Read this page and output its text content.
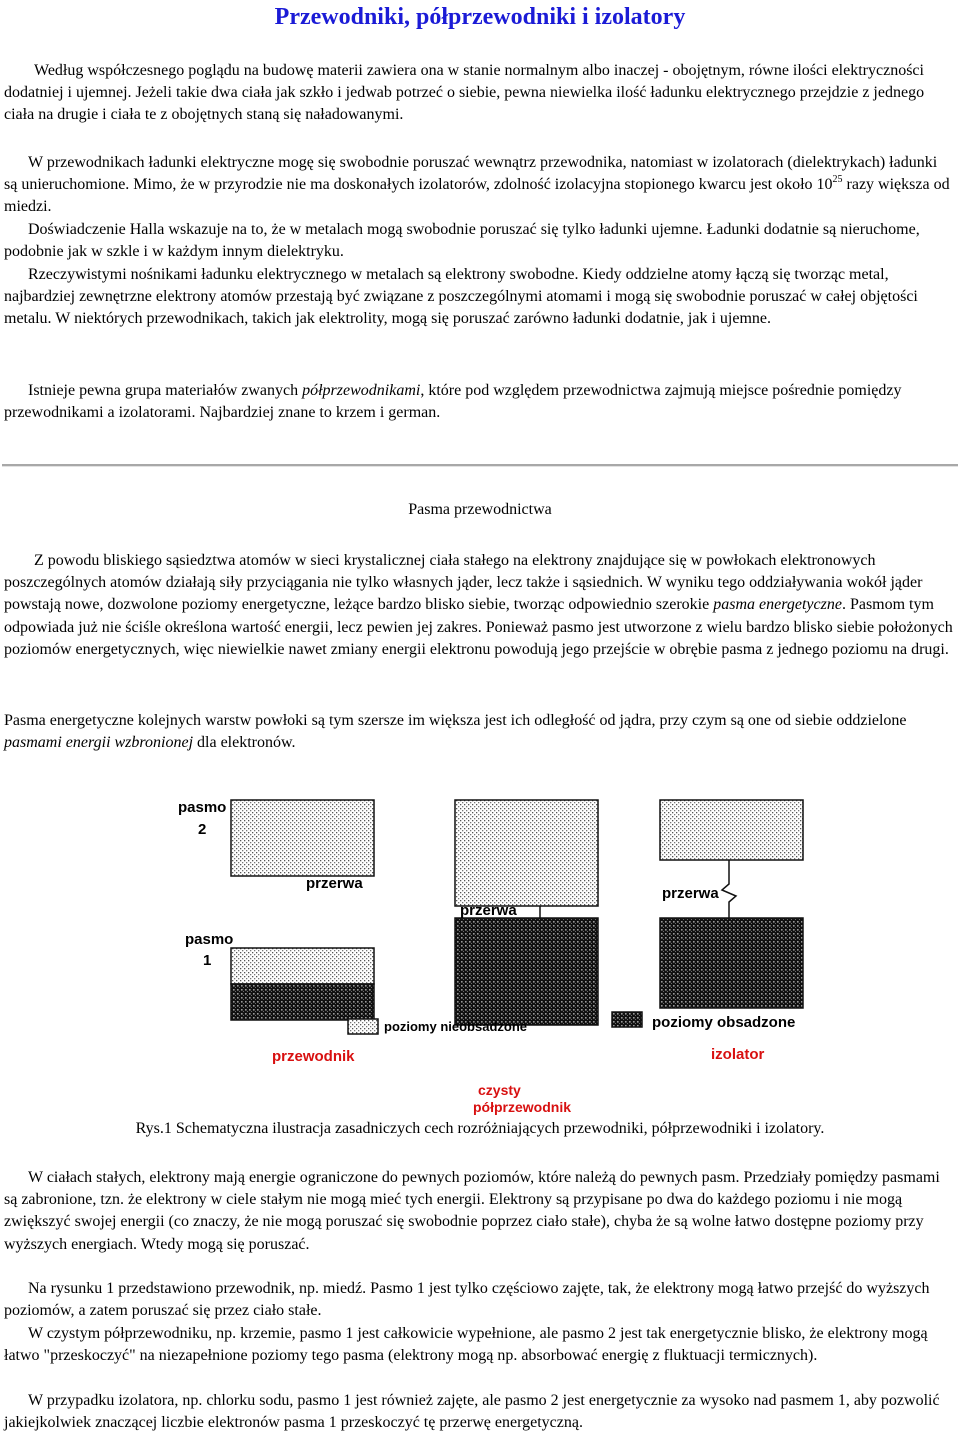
Przewodniki, półprzewodniki i izolatory

Według współczesnego poglądu na budowę materii zawiera ona w stanie normalnym albo inaczej - obojętnym, równe ilości elektryczności dodatniej i ujemnej. Jeżeli takie dwa ciała jak szkło i jedwab potrzeć o siebie, pewna niewielka ilość ładunku elektrycznego przejdzie z jednego ciała na drugie i ciała te z obojętnych staną się naładowanymi.

W przewodnikach ładunki elektryczne mogę się swobodnie poruszać wewnątrz przewodnika, natomiast w izolatorach (dielektrykach) ładunki są unieruchomione. Mimo, że w przyrodzie nie ma doskonałych izolatorów, zdolność izolacyjna stopionego kwarcu jest około $10^{25}$ razy większa od miedzi.

Doświadczenie Halla wskazuje na to, że w metalach mogą swobodnie poruszać się tylko ładunki ujemne. Ładunki dodatnie są nieruchome, podobnie jak w szkle i w każdym innym dielektryku.

Rzeczywistymi nośnikami ładunku elektrycznego w metalach są elektrony swobodne. Kiedy oddzielne atomy łączą się tworząc metal, najbardziej zewnętrzne elektrony atomów przestają być związane z poszczególnymi atomami i mogą się swobodnie poruszać w całej objętości metalu. W niektórych przewodnikach, takich jak elektrolity, mogą się poruszać zarówno ładunki dodatnie, jak i ujemne.

Istnieje pewna grupa materiałów zwanych półprzewodnikami, które pod względem przewodnictwa zajmują miejsce pośrednie pomiędzy przewodnikami a izolatorami. Najbardziej znane to krzem i german.

Pasma przewodnictwa

Z powodu bliskiego sąsiedztwa atomów w sieci krystalicznej ciała stałego na elektrony znajdujące się w powłokach elektronowych poszczególnych atomów działają siły przyciągania nie tylko własnych jąder, lecz także i sąsiednich. W wyniku tego oddziaływania wokół jąder powstają nowe, dozwolone poziomy energetyczne, leżące bardzo blisko siebie, tworząc odpowiednio szerokie pasma energetyczne. Pasmom tym odpowiada już nie ściśle określona wartość energii, lecz pewien jej zakres. Ponieważ pasmo jest utworzone z wielu bardzo blisko siebie położonych poziomów energetycznych, więc niewielkie nawet zmiany energii elektronu powodują jego przejście w obrębie pasma z jednego poziomu na drugi.

Pasma energetyczne kolejnych warstw powłoki są tym szersze im większa jest ich odległość od jądra, przy czym są one od siebie oddzielone pasmami energii wzbronionej dla elektronów.

przerwa
przewodnik
pasmo
2
pasmo
1
przerwa
czysty
półprzewodnik
przerwa
izolator
poziomy nieobsadzone	poziomy obsadzone
Rys.1 Schematyczna ilustracja zasadniczych cech rozróżniających przewodniki, półprzewodniki i izolatory.

W ciałach stałych, elektrony mają energie ograniczone do pewnych poziomów, które należą do pewnych pasm. Przedziały pomiędzy pasmami są zabronione, tzn. że elektrony w ciele stałym nie mogą mieć tych energii. Elektrony są przypisane po dwa do każdego poziomu i nie mogą zwiększyć swojej energii (co znaczy, że nie mogą poruszać się swobodnie poprzez ciało stałe), chyba że są wolne łatwo dostępne poziomy przy wyższych energiach. Wtedy mogą się poruszać.

Na rysunku 1 przedstawiono przewodnik, np. miedź. Pasmo 1 jest tylko częściowo zajęte, tak, że elektrony mogą łatwo przejść do wyższych poziomów, a zatem poruszać się przez ciało stałe.

W czystym półprzewodniku, np. krzemie, pasmo 1 jest całkowicie wypełnione, ale pasmo 2 jest tak energetycznie blisko, że elektrony mogą łatwo "przeskoczyć" na niezapełnione poziomy tego pasma (elektrony mogą np. absorbować energię z fluktuacji termicznych).

W przypadku izolatora, np. chlorku sodu, pasmo 1 jest również zajęte, ale pasmo 2 jest energetycznie za wysoko nad pasmem 1, aby pozwolić jakiejkolwiek znaczącej liczbie elektronów pasma 1 przeskoczyć tę przerwę energetyczną.
